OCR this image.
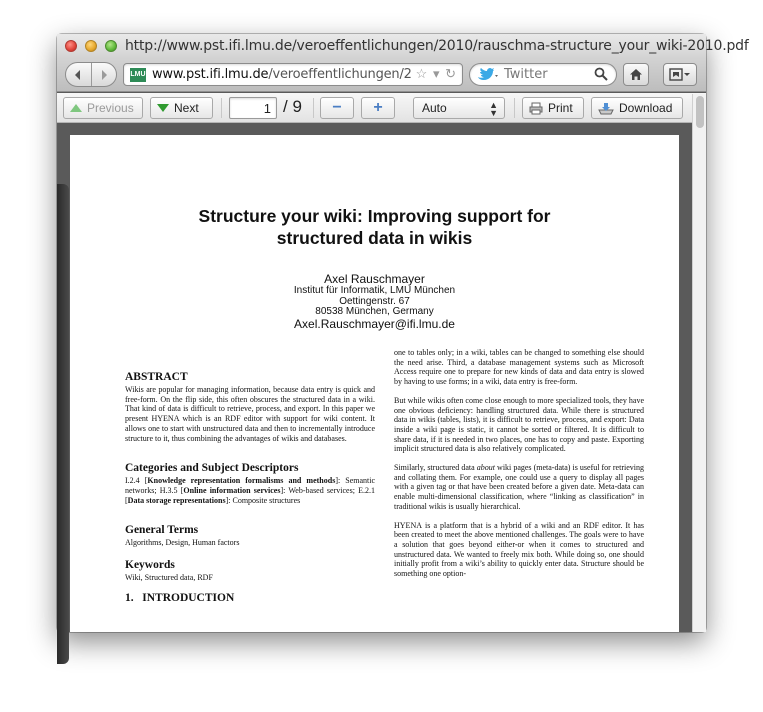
http://www.pst.ifi.lmu.de/veroeffentlichungen/2010/rauschma-structure_your_wiki-2010.pdf
LMU www.pst.ifi.lmu.de/veroeffentlichungen/2 ☆ ▾ ↻	Twitter
Previous	Next	1 / 9	−	+	Auto	▲
▼	Print	Download
Structure your wiki: Improving support for structured data in wikis
Axel Rauschmayer
Institut für Informatik, LMU München
Oettingenstr. 67
80538 München, Germany
Axel.Rauschmayer@ifi.lmu.de
ABSTRACT
Wikis are popular for managing information, because data entry is quick and free-form. On the flip side, this often obscures the structured data in a wiki. That kind of data is difficult to retrieve, process, and export. In this paper we present HYENA which is an RDF editor with support for wiki content. It allows one to start with unstructured data and then to incrementally introduce structure to it, thus combining the advantages of wikis and databases.
Categories and Subject Descriptors
I.2.4 [Knowledge representation formalisms and methods]: Semantic networks; H.3.5 [Online information services]: Web-based services; E.2.1 [Data storage representations]: Composite structures
General Terms
Algorithms, Design, Human factors
Keywords
Wiki, Structured data, RDF
1.   INTRODUCTION
one to tables only; in a wiki, tables can be changed to something else should the need arise. Third, a database management systems such as Microsoft Access require one to prepare for new kinds of data and data entry is slowed by having to use forms; in a wiki, data entry is free-form.
But while wikis often come close enough to more specialized tools, they have one obvious deficiency: handling structured data. While there is structured data in wikis (tables, lists), it is difficult to retrieve, process, and export: Data inside a wiki page is static, it cannot be sorted or filtered. It is difficult to share data, if it is needed in two places, one has to copy and paste. Exporting implicit structured data is also relatively complicated.
Similarly, structured data about wiki pages (meta-data) is useful for retrieving and collating them. For example, one could use a query to display all pages with a given tag or that have been created before a given date. Meta-data can enable multi-dimensional classification, where “linking as classification” in traditional wikis is usually hierarchical.
HYENA is a platform that is a hybrid of a wiki and an RDF editor. It has been created to meet the above mentioned challenges. The goals were to have a solution that goes beyond either-or when it comes to structured and unstructured data. We wanted to freely mix both. While doing so, one should initially profit from a wiki’s ability to quickly enter data. Structure should be something one option-
